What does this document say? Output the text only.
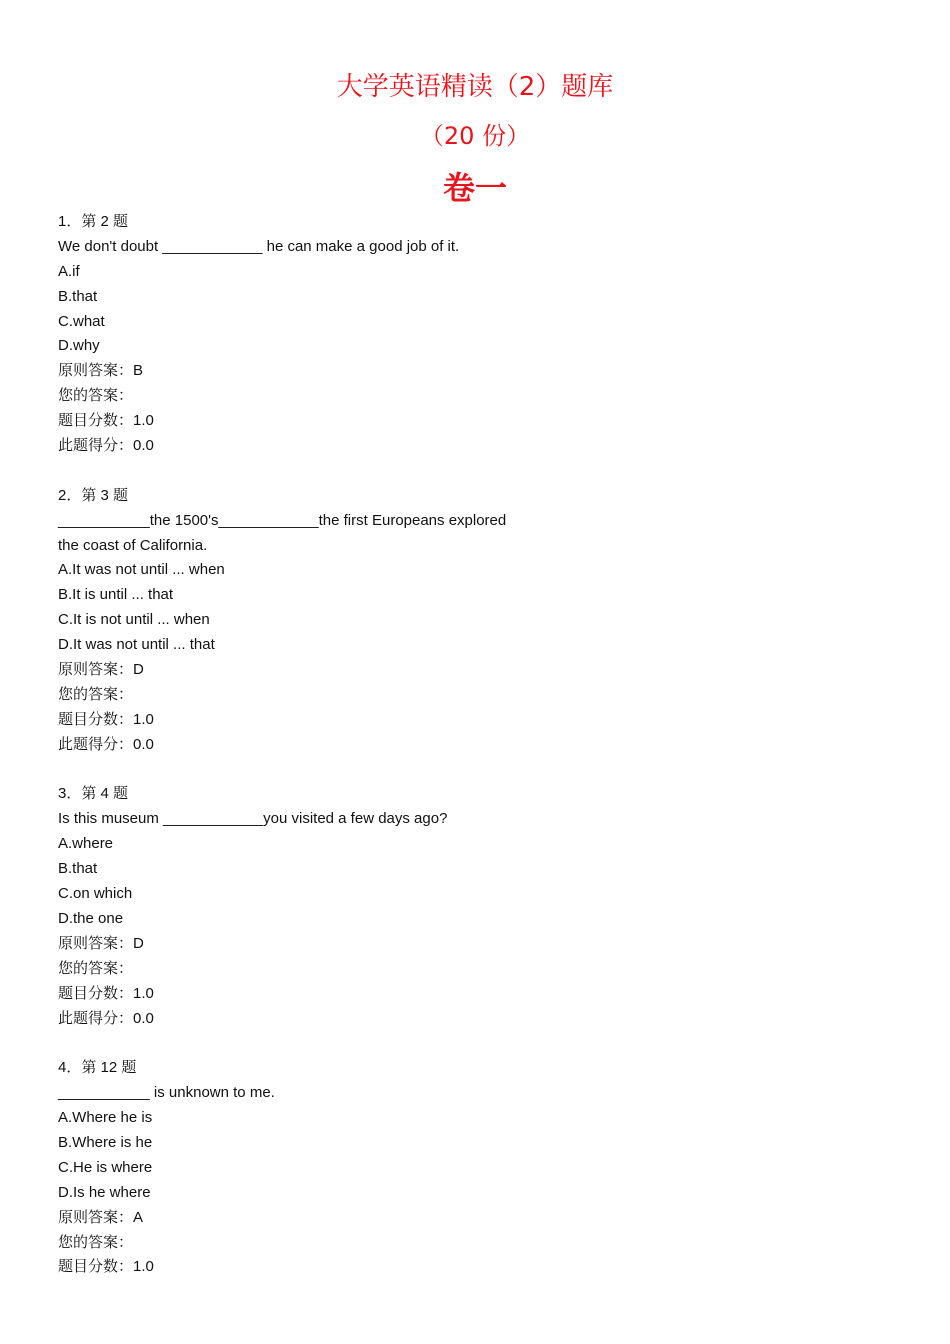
大学英语精读（2）题库
（20 份）
卷一
1．第 2 题
We don't doubt ____________ he can make a good job of it.
A.if
B.that
C.what
D.why
原则答案：B
您的答案：
题目分数：1.0
此题得分：0.0
2．第 3 题
___________the 1500's____________the first Europeans explored
the coast of California.
A.It was not until ... when
B.It is until ... that
C.It is not until ... when
D.It was not until ... that
原则答案：D
您的答案：
题目分数：1.0
此题得分：0.0
3．第 4 题
Is this museum ____________you visited a few days ago?
A.where
B.that
C.on which
D.the one
原则答案：D
您的答案：
题目分数：1.0
此题得分：0.0
4．第 12 题
___________ is unknown to me.
A.Where he is
B.Where is he
C.He is where
D.Is he where
原则答案：A
您的答案：
题目分数：1.0
